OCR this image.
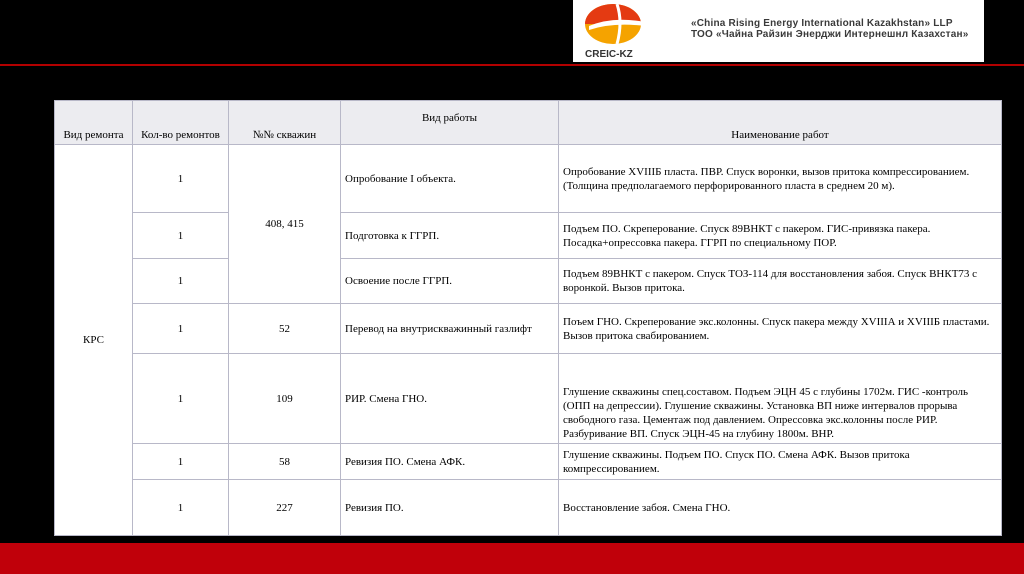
CREIC-KZ
«China Rising Energy International Kazakhstan» LLP
ТОО «Чайна Райзин Энерджи Интернешнл Казахстан»
Вид ремонта	Кол-во ремонтов	№№ скважин	Вид работы	Наименование работ
КРС	1	408, 415	Опробование I объекта.	Опробование XVIIIБ пласта. ПВР. Спуск воронки, вызов притока компрессированием. (Толщина предполагаемого перфорированного пласта в среднем 20 м).
	1		Подготовка к ГГРП.	Подъем ПО. Скреперование. Спуск 89ВНКТ с пакером. ГИС-привязка пакера. Посадка+опрессовка пакера. ГГРП по специальному ПОР.
	1		Освоение после ГГРП.	Подъем 89ВНКТ с пакером. Спуск ТОЗ-114 для восстановления забоя. Спуск ВНКТ73 с воронкой. Вызов притока.
	1	52	Перевод на внутрискважинный газлифт	Поъем ГНО. Скреперование экс.колонны. Спуск пакера между XVIIIА и XVIIIБ пластами. Вызов притока свабированием.
	1	109	РИР. Смена ГНО.	Глушение скважины спец.составом. Подъем ЭЦН 45 с глубины 1702м. ГИС -контроль (ОПП на депрессии). Глушение скважины. Установка ВП ниже интервалов прорыва свободного газа. Цементаж под давлением. Опрессовка экс.колонны после РИР. Разбуривание ВП. Спуск ЭЦН-45 на глубину 1800м. ВНР.
	1	58	Ревизия ПО. Смена АФК.	Глушение скважины. Подъем ПО. Спуск ПО. Смена АФК. Вызов притока компрессированием.
	1	227	Ревизия ПО.	Восстановление забоя. Смена ГНО.
